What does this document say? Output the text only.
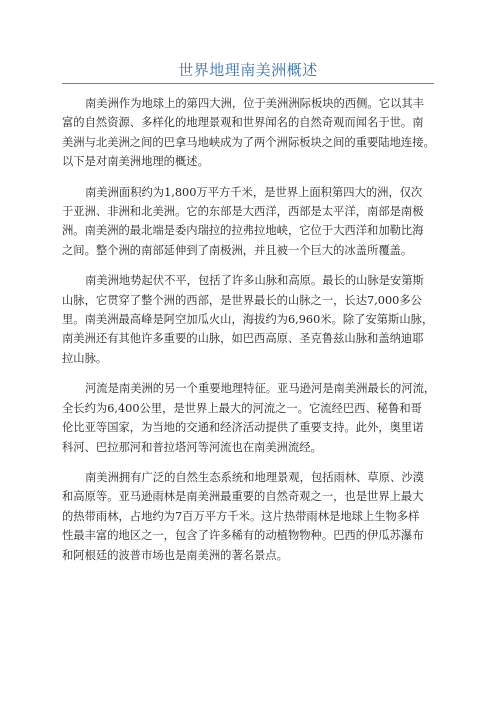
世界地理南美洲概述

南美洲作为地球上的第四大洲，位于美洲洲际板块的西侧。它以其丰
富的自然资源、多样化的地理景观和世界闻名的自然奇观而闻名于世。南
美洲与北美洲之间的巴拿马地峡成为了两个洲际板块之间的重要陆地连接。
以下是对南美洲地理的概述。

南美洲面积约为1,800万平方千米，是世界上面积第四大的洲，仅次
于亚洲、非洲和北美洲。它的东部是大西洋，西部是太平洋，南部是南极
洲。南美洲的最北端是委内瑞拉的拉弗拉地峡，它位于大西洋和加勒比海
之间。整个洲的南部延伸到了南极洲，并且被一个巨大的冰盖所覆盖。

南美洲地势起伏不平，包括了许多山脉和高原。最长的山脉是安第斯
山脉，它贯穿了整个洲的西部，是世界最长的山脉之一，长达7,000多公
里。南美洲最高峰是阿空加瓜火山，海拔约为6,960米。除了安第斯山脉，
南美洲还有其他许多重要的山脉，如巴西高原、圣克鲁兹山脉和盖纳迪耶
拉山脉。

河流是南美洲的另一个重要地理特征。亚马逊河是南美洲最长的河流，
全长约为6,400公里，是世界上最大的河流之一。它流经巴西、秘鲁和哥
伦比亚等国家，为当地的交通和经济活动提供了重要支持。此外，奥里诺
科河、巴拉那河和普拉塔河等河流也在南美洲流经。

南美洲拥有广泛的自然生态系统和地理景观，包括雨林、草原、沙漠
和高原等。亚马逊雨林是南美洲最重要的自然奇观之一，也是世界上最大
的热带雨林，占地约为7百万平方千米。这片热带雨林是地球上生物多样
性最丰富的地区之一，包含了许多稀有的动植物物种。巴西的伊瓜苏瀑布
和阿根廷的波普市场也是南美洲的著名景点。
